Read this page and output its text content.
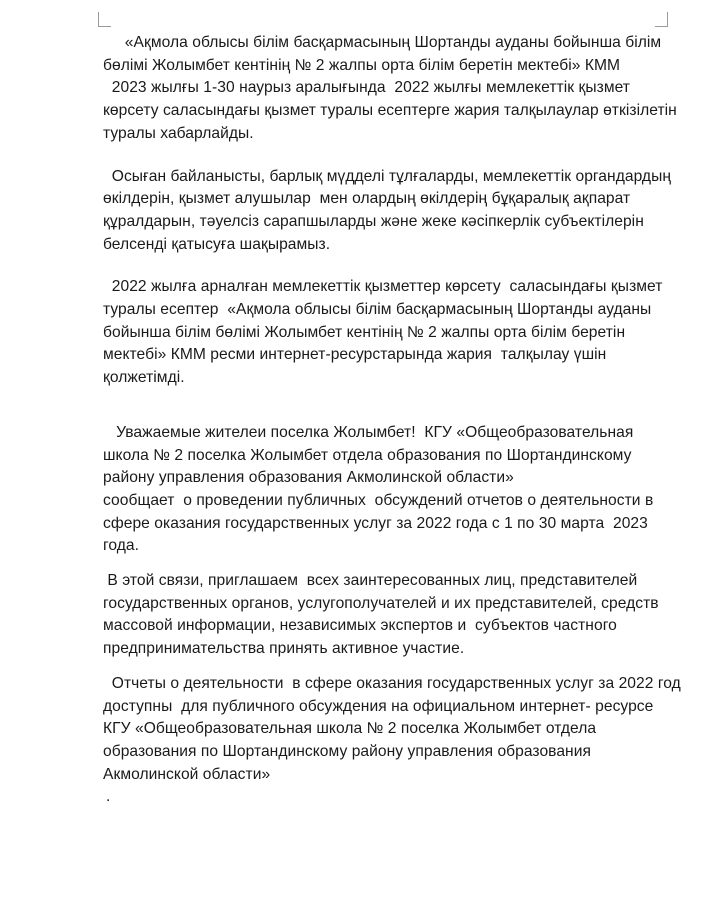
«Ақмола облысы білім басқармасының Шортанды ауданы бойынша білім

бөлімі Жолымбет кентінің № 2 жалпы орта білім беретін мектебі» КММ

2023 жылғы 1-30 наурыз аралығында  2022 жылғы мемлекеттік қызмет көрсету саласындағы қызмет туралы есептерге жария талқылаулар өткізілетін туралы хабарлайды.

Осыған байланысты, барлық мүдделі тұлғаларды, мемлекеттік органдардың өкілдерін, қызмет алушылар  мен олардың өкілдерің бұқаралық ақпарат құралдарын, тәуелсіз сарапшыларды және жеке кәсіпкерлік субъектілерін белсенді қатысуға шақырамыз.

2022 жылға арналған мемлекеттік қызметтер көрсету  саласындағы қызмет туралы есептер  «Ақмола облысы білім басқармасының Шортанды ауданы бойынша білім бөлімі Жолымбет кентінің № 2 жалпы орта білім беретін мектебі» КММ ресми интернет-ресурстарында жария  талқылау үшін  қолжетімді.

Уважаемые жителеи поселка Жолымбет!  КГУ «Общеобразовательная школа № 2 поселка Жолымбет отдела образования по Шортандинскому району управления образования Акмолинской области»

сообщает  о проведении публичных  обсуждений отчетов о деятельности в сфере оказания государственных услуг за 2022 года с 1 по 30 марта  2023 года.

В этой связи, приглашаем  всех заинтересованных лиц, представителей государственных органов, услугополучателей и их представителей, средств массовой информации, независимых экспертов и  субъектов частного предпринимательства принять активное участие.

Отчеты о деятельности  в сфере оказания государственных услуг за 2022 год доступны  для публичного обсуждения на официальном интернет- ресурсе КГУ «Общеобразовательная школа № 2 поселка Жолымбет отдела образования по Шортандинскому району управления образования Акмолинской области»

.
